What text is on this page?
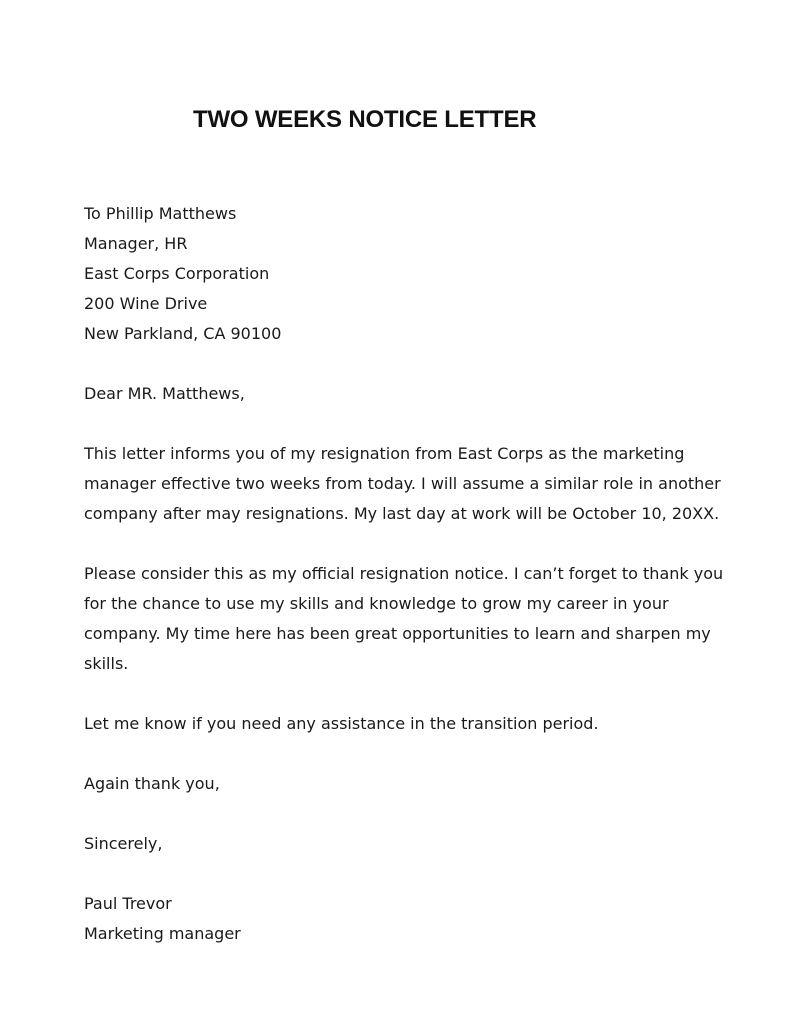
TWO WEEKS NOTICE LETTER
To Phillip Matthews
Manager, HR
East Corps Corporation
200 Wine Drive
New Parkland, CA 90100
Dear MR. Matthews,
This letter informs you of my resignation from East Corps as the marketing manager effective two weeks from today. I will assume a similar role in another company after may resignations. My last day at work will be October 10, 20XX.
Please consider this as my official resignation notice. I can’t forget to thank you for the chance to use my skills and knowledge to grow my career in your company. My time here has been great opportunities to learn and sharpen my skills.
Let me know if you need any assistance in the transition period.
Again thank you,
Sincerely,
Paul Trevor
Marketing manager
